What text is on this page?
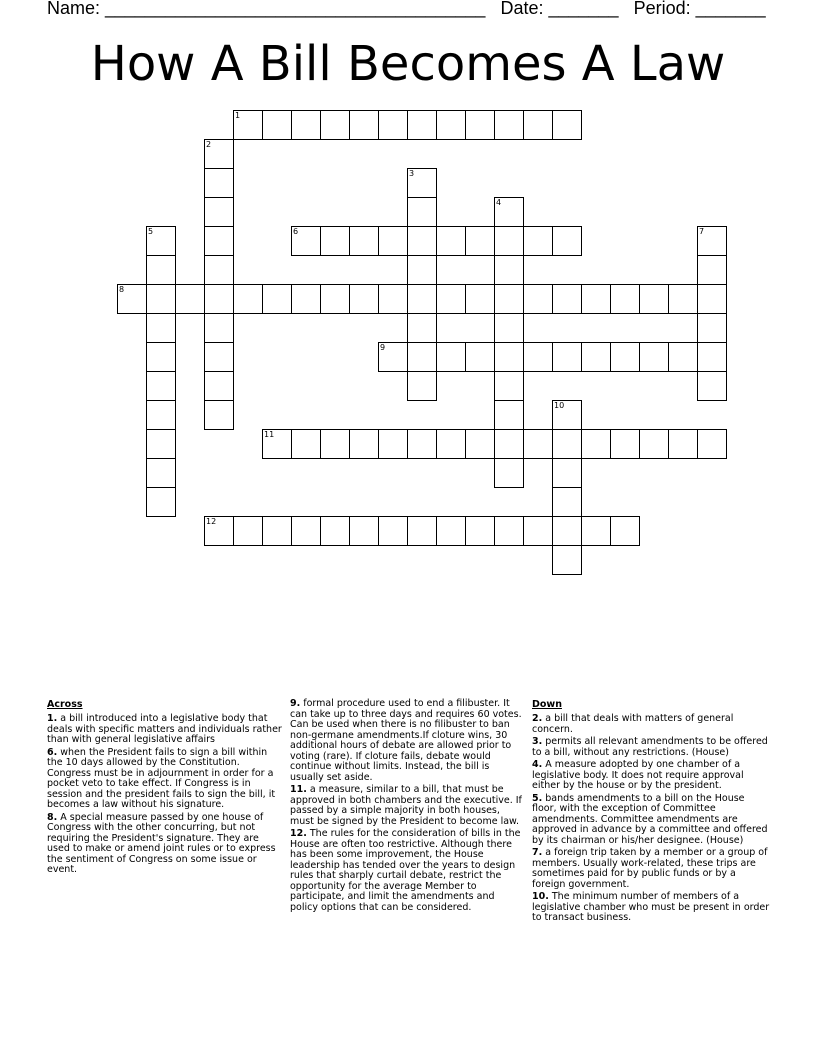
Name: ______________________________________ Date: _______ Period: _______
How A Bill Becomes A Law
1
2
3
4
5	6	7
8
9
10
11
12
Across
1. a bill introduced into a legislative body that deals with specific matters and individuals rather than with general legislative affairs
6. when the President fails to sign a bill within the 10 days allowed by the Constitution. Congress must be in adjournment in order for a pocket veto to take effect. If Congress is in session and the president fails to sign the bill, it becomes a law without his signature.
8. A special measure passed by one house of Congress with the other concurring, but not requiring the President's signature. They are used to make or amend joint rules or to express the sentiment of Congress on some issue or event.
9. formal procedure used to end a filibuster. It can take up to three days and requires 60 votes. Can be used when there is no filibuster to ban non-germane amendments.If cloture wins, 30 additional hours of debate are allowed prior to voting (rare). If cloture fails, debate would continue without limits. Instead, the bill is usually set aside.
11. a measure, similar to a bill, that must be approved in both chambers and the executive. If passed by a simple majority in both houses, must be signed by the President to become law.
12. The rules for the consideration of bills in the House are often too restrictive. Although there has been some improvement, the House leadership has tended over the years to design rules that sharply curtail debate, restrict the opportunity for the average Member to participate, and limit the amendments and policy options that can be considered.
Down
2. a bill that deals with matters of general concern.
3. permits all relevant amendments to be offered to a bill, without any restrictions. (House)
4. A measure adopted by one chamber of a legislative body. It does not require approval either by the house or by the president.
5. bands amendments to a bill on the House floor, with the exception of Committee amendments. Committee amendments are approved in advance by a committee and offered by its chairman or his/her designee. (House)
7. a foreign trip taken by a member or a group of members. Usually work-related, these trips are sometimes paid for by public funds or by a foreign government.
10. The minimum number of members of a legislative chamber who must be present in order to transact business.
